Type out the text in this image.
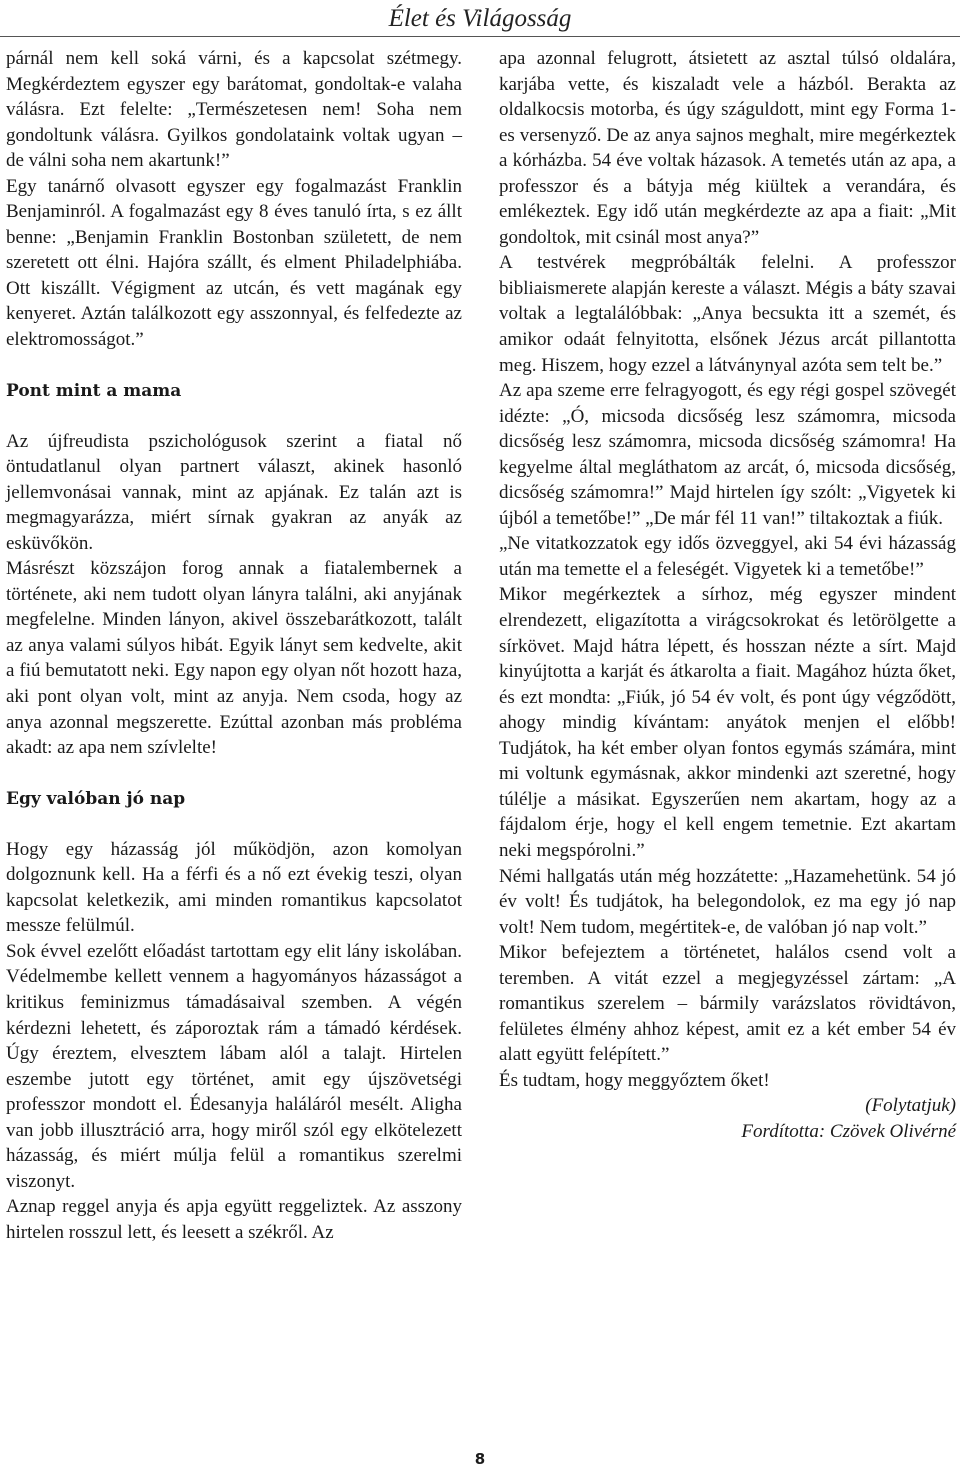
Élet és Világosság

párnál nem kell soká várni, és a kapcsolat szétmegy. Megkérdeztem egyszer egy barátomat, gondoltak-e valaha válásra. Ezt felelte: „Természetesen nem! Soha nem gondoltunk válásra. Gyilkos gondolataink voltak ugyan – de válni soha nem akartunk!”

Egy tanárnő olvasott egyszer egy fogalmazást Franklin Benjaminról. A fogalmazást egy 8 éves tanuló írta, s ez állt benne: „Benjamin Franklin Bostonban született, de nem szeretett ott élni. Hajóra szállt, és elment Philadelphiába. Ott kiszállt. Végigment az utcán, és vett magának egy kenyeret. Aztán találkozott egy asszonnyal, és felfedezte az elektromosságot.”

Pont mint a mama

Az újfreudista pszichológusok szerint a fiatal nő öntudatlanul olyan partnert választ, akinek hasonló jellemvonásai vannak, mint az apjának. Ez talán azt is megmagyarázza, miért sírnak gyakran az anyák az esküvőkön.

Másrészt közszájon forog annak a fiatalembernek a története, aki nem tudott olyan lányra találni, aki anyjának megfelelne. Minden lányon, akivel összebarátkozott, talált az anya valami súlyos hibát. Egyik lányt sem kedvelte, akit a fiú bemutatott neki. Egy napon egy olyan nőt hozott haza, aki pont olyan volt, mint az anyja. Nem csoda, hogy az anya azonnal megszerette. Ezúttal azonban más probléma akadt: az apa nem szívlelte!

Egy valóban jó nap

Hogy egy házasság jól működjön, azon komolyan dolgoznunk kell. Ha a férfi és a nő ezt évekig teszi, olyan kapcsolat keletkezik, ami minden romantikus kapcsolatot messze felülmúl.

Sok évvel ezelőtt előadást tartottam egy elit lány iskolában. Védelmembe kellett vennem a hagyományos házasságot a kritikus feminizmus támadásaival szemben. A végén kérdezni lehetett, és záporoztak rám a támadó kérdések. Úgy éreztem, elvesztem lábam alól a talajt. Hirtelen eszembe jutott egy történet, amit egy újszövetségi professzor mondott el. Édesanyja haláláról mesélt. Aligha van jobb illusztráció arra, hogy miről szól egy elkötelezett házasság, és miért múlja felül a romantikus szerelmi viszonyt.

Aznap reggel anyja és apja együtt reggeliztek. Az asszony hirtelen rosszul lett, és leesett a székről. Az

apa azonnal felugrott, átsietett az asztal túlsó oldalára, karjába vette, és kiszaladt vele a házból. Berakta az oldalkocsis motorba, és úgy száguldott, mint egy Forma 1-es versenyző. De az anya sajnos meghalt, mire megérkeztek a kórházba. 54 éve voltak házasok. A temetés után az apa, a professzor és a bátyja még kiültek a verandára, és emlékeztek. Egy idő után megkérdezte az apa a fiait: „Mit gondoltok, mit csinál most anya?”

A testvérek megpróbálták felelni. A professzor bibliaismerete alapján kereste a választ. Mégis a báty szavai voltak a legtalálóbbak: „Anya becsukta itt a szemét, és amikor odaát felnyitotta, elsőnek Jézus arcát pillantotta meg. Hiszem, hogy ezzel a látványnyal azóta sem telt be.”

Az apa szeme erre felragyogott, és egy régi gospel szövegét idézte: „Ó, micsoda dicsőség lesz számomra, micsoda dicsőség lesz számomra, micsoda dicsőség számomra! Ha kegyelme által megláthatom az arcát, ó, micsoda dicsőség, dicsőség számomra!” Majd hirtelen így szólt: „Vigyetek ki újból a temetőbe!” „De már fél 11 van!” tiltakoztak a fiúk.

„Ne vitatkozzatok egy idős özveggyel, aki 54 évi házasság után ma temette el a feleségét. Vigyetek ki a temetőbe!”

Mikor megérkeztek a sírhoz, még egyszer mindent elrendezett, eligazította a virágcsokrokat és letörölgette a sírkövet. Majd hátra lépett, és hosszan nézte a sírt. Majd kinyújtotta a karját és átkarolta a fiait. Magához húzta őket, és ezt mondta: „Fiúk, jó 54 év volt, és pont úgy végződött, ahogy mindig kívántam: anyátok menjen el előbb! Tudjátok, ha két ember olyan fontos egymás számára, mint mi voltunk egymásnak, akkor mindenki azt szeretné, hogy túlélje a másikat. Egyszerűen nem akartam, hogy az a fájdalom érje, hogy el kell engem temetnie. Ezt akartam neki megspórolni.”

Némi hallgatás után még hozzátette: „Hazamehetünk. 54 jó év volt! És tudjátok, ha belegondolok, ez ma egy jó nap volt! Nem tudom, megértitek-e, de valóban jó nap volt.”

Mikor befejeztem a történetet, halálos csend volt a teremben. A vitát ezzel a megjegyzéssel zártam: „A romantikus szerelem – bármily varázslatos rövidtávon, felületes élmény ahhoz képest, amit ez a két ember 54 év alatt együtt felépített.”

És tudtam, hogy meggyőztem őket!

(Folytatjuk)

Fordította: Czövek Olivérné

8
